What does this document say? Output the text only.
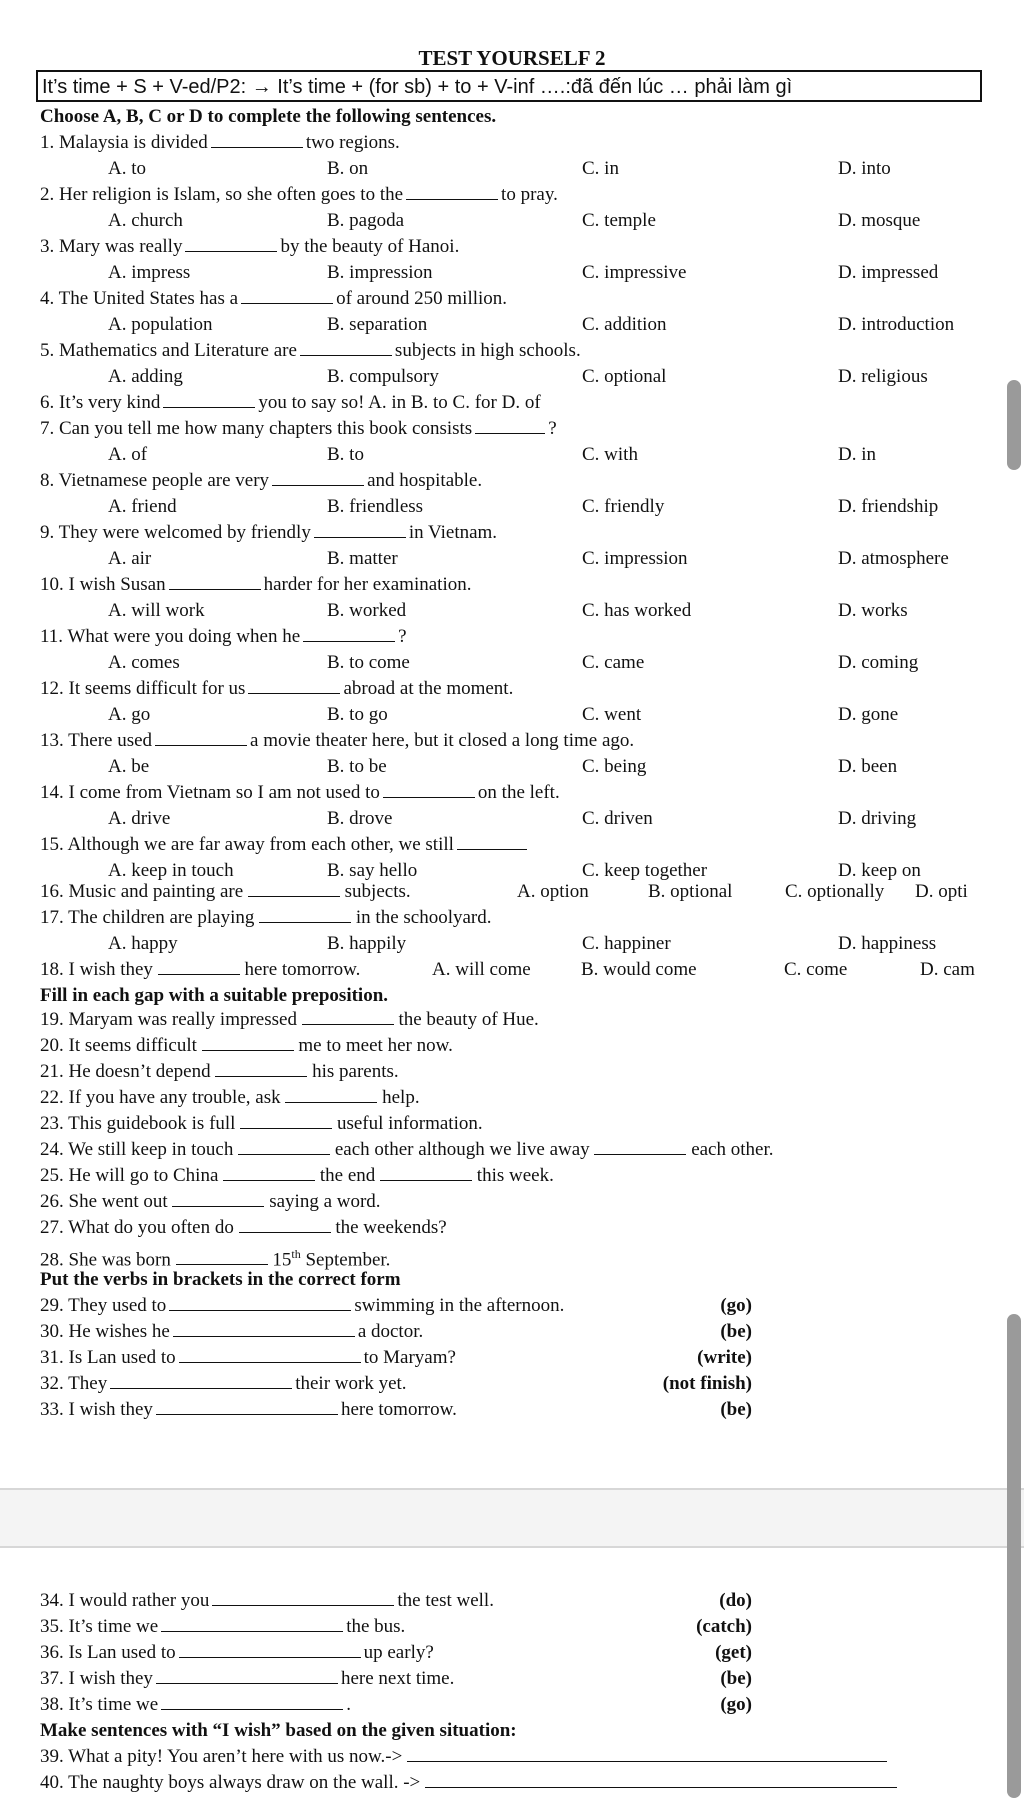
TEST YOURSELF 2
It’s time + S + V-ed/P2: → It’s time + (for sb) + to + V-inf ….:đã đến lúc … phải làm gì
Choose A, B, C or D to complete the following sentences.
1. Malaysia is divided	two regions.
A. to	B. on	C. in	D. into
2. Her religion is Islam, so she often goes to the	to pray.
A. church	B. pagoda	C. temple	D. mosque
3. Mary was really	by the beauty of Hanoi.
A. impress	B. impression	C. impressive	D. impressed
4. The United States has a	of around 250 million.
A. population	B. separation	C. addition	D. introduction
5. Mathematics and Literature are	subjects in high schools.
A. adding	B. compulsory	C. optional	D. religious
6. It’s very kind	you to say so! A. in B. to C. for D. of
7. Can you tell me how many chapters this book consists	?
A. of	B. to	C. with	D. in
8. Vietnamese people are very	and hospitable.
A. friend	B. friendless	C. friendly	D. friendship
9. They were welcomed by friendly	in Vietnam.
A. air	B. matter	C. impression	D. atmosphere
10. I wish Susan	harder for her examination.
A. will work	B. worked	C. has worked	D. works
11. What were you doing when he	?
A. comes	B. to come	C. came	D. coming
12. It seems difficult for us	abroad at the moment.
A. go	B. to go	C. went	D. gone
13. There used	a movie theater here, but it closed a long time ago.
A. be	B. to be	C. being	D. been
14. I come from Vietnam so I am not used to	on the left.
A. drive	B. drove	C. driven	D. driving
15. Although we are far away from each other, we still
A. keep in touch	B. say hello	C. keep together	D. keep on
16. Music and painting are	subjects.	A. option	B. optional	C. optionally D. opti
17. The children are playing	in the schoolyard.
A. happy	B. happily	C. happiner	D. happiness
18. I wish they	here tomorrow.	A. will come	B. would come	C. come	D. cam
Fill in each gap with a suitable preposition.
19. Maryam was really impressed	the beauty of Hue.
20. It seems difficult	me to meet her now.
21. He doesn’t depend	his parents.
22. If you have any trouble, ask	help.
23. This guidebook is full	useful information.
24. We still keep in touch	each other although we live away	each other.
25. He will go to China	the end	this week.
26. She went out	saying a word.
27. What do you often do	the weekends?
28. She was born	15th September.
Put the verbs in brackets in the correct form
29. They used to	swimming in the afternoon.	(go)
30. He wishes he	a doctor.	(be)
31. Is Lan used to	to Maryam?	(write)
32. They	their work yet.	(not finish)
33. I wish they	here tomorrow.	(be)
34. I would rather you	the test well.	(do)
35. It’s time we	the bus.	(catch)
36. Is Lan used to	up early?	(get)
37. I wish they	here next time.	(be)
38. It’s time we	.	(go)
Make sentences with “I wish” based on the given situation:
39. What a pity! You aren’t here with us now.->
40. The naughty boys always draw on the wall. ->
